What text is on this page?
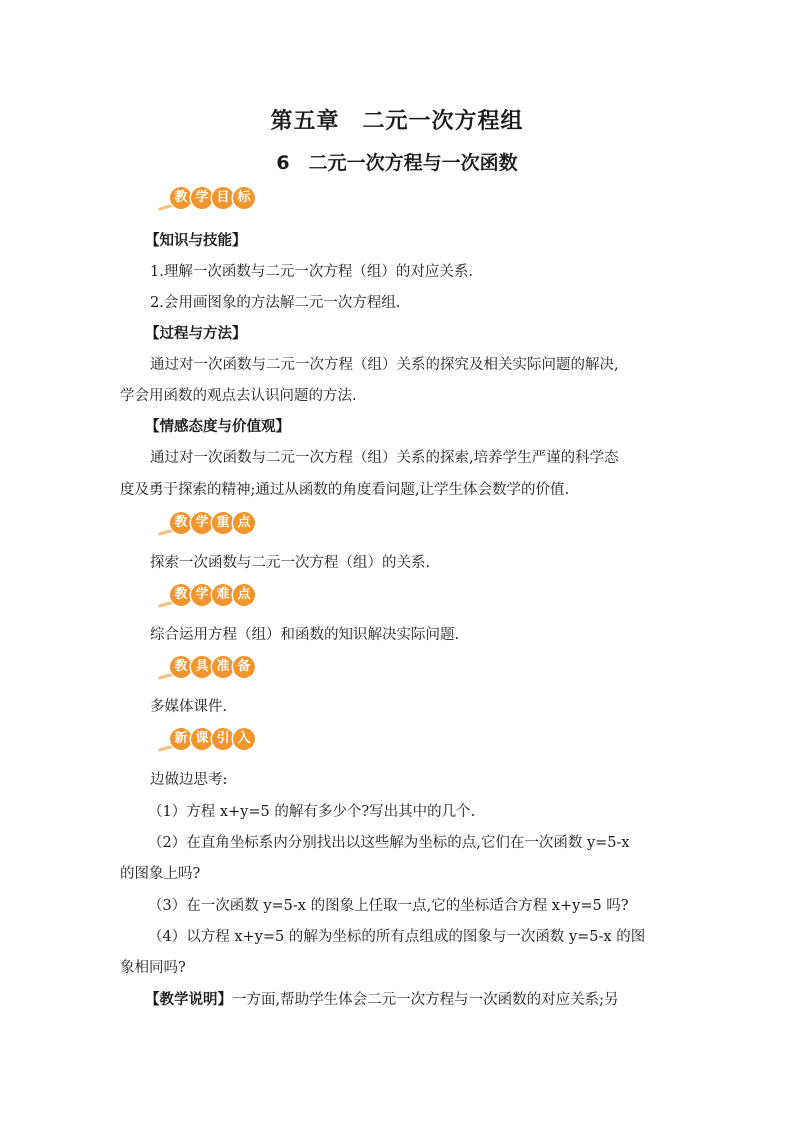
第五章　二元一次方程组
6　二元一次方程与一次函数
教 学 目 标
【知识与技能】
1.理解一次函数与二元一次方程（组）的对应关系.
2.会用画图象的方法解二元一次方程组.
【过程与方法】
通过对一次函数与二元一次方程（组）关系的探究及相关实际问题的解决,
学会用函数的观点去认识问题的方法.
【情感态度与价值观】
通过对一次函数与二元一次方程（组）关系的探索,培养学生严谨的科学态
度及勇于探索的精神;通过从函数的角度看问题,让学生体会数学的价值.
教 学 重 点
探索一次函数与二元一次方程（组）的关系.
教 学 难 点
综合运用方程（组）和函数的知识解决实际问题.
教 具 准 备
多媒体课件.
新 课 引 入
边做边思考:
（1）方程 x+y=5 的解有多少个?写出其中的几个.
（2）在直角坐标系内分别找出以这些解为坐标的点,它们在一次函数 y=5-x
的图象上吗?
（3）在一次函数 y=5-x 的图象上任取一点,它的坐标适合方程 x+y=5 吗?
（4）以方程 x+y=5 的解为坐标的所有点组成的图象与一次函数 y=5-x 的图
象相同吗?
【教学说明】一方面,帮助学生体会二元一次方程与一次函数的对应关系;另
